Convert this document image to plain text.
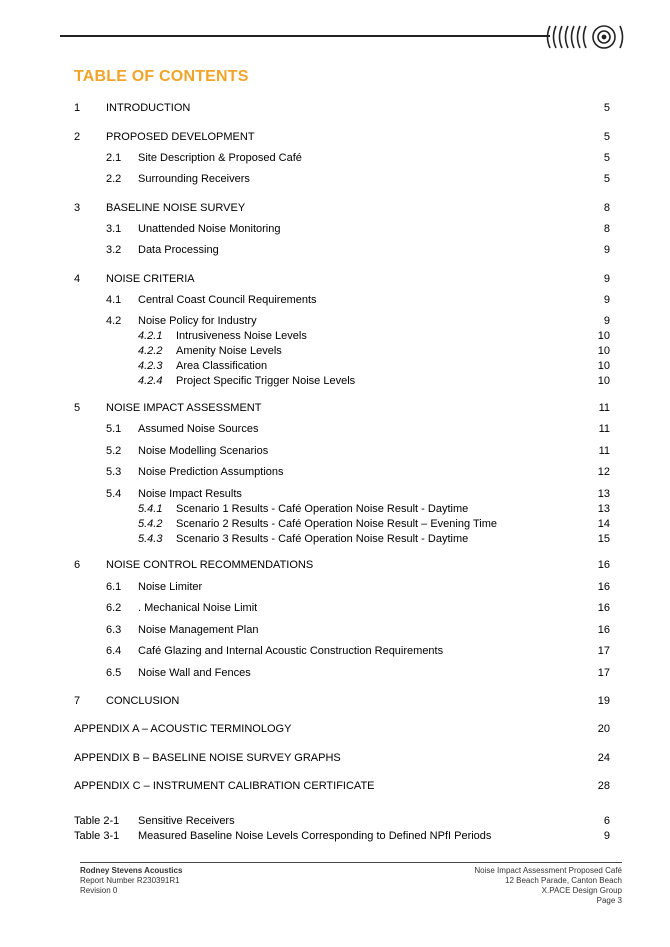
TABLE OF CONTENTS
1 INTRODUCTION	5
2 PROPOSED DEVELOPMENT	5
2.1 Site Description & Proposed Café	5
2.2 Surrounding Receivers	5
3 BASELINE NOISE SURVEY	8
3.1 Unattended Noise Monitoring	8
3.2 Data Processing	9
4 NOISE CRITERIA	9
4.1 Central Coast Council Requirements	9
4.2 Noise Policy for Industry	9
4.2.1 Intrusiveness Noise Levels	10
4.2.2 Amenity Noise Levels	10
4.2.3 Area Classification	10
4.2.4 Project Specific Trigger Noise Levels	10
5 NOISE IMPACT ASSESSMENT	11
5.1 Assumed Noise Sources	11
5.2 Noise Modelling Scenarios	11
5.3 Noise Prediction Assumptions	12
5.4 Noise Impact Results	13
5.4.1 Scenario 1 Results - Café Operation Noise Result - Daytime	13
5.4.2 Scenario 2 Results - Café Operation Noise Result – Evening Time	14
5.4.3 Scenario 3 Results - Café Operation Noise Result - Daytime	15
6 NOISE CONTROL RECOMMENDATIONS	16
6.1 Noise Limiter	16
6.2 . Mechanical Noise Limit	16
6.3 Noise Management Plan	16
6.4 Café Glazing and Internal Acoustic Construction Requirements	17
6.5 Noise Wall and Fences	17
7 CONCLUSION	19
APPENDIX A – ACOUSTIC TERMINOLOGY	20
APPENDIX B – BASELINE NOISE SURVEY GRAPHS	24
APPENDIX C – INSTRUMENT CALIBRATION CERTIFICATE	28
Table 2-1 Sensitive Receivers	6
Table 3-1 Measured Baseline Noise Levels Corresponding to Defined NPfI Periods	9
Rodney Stevens Acoustics
Report Number R230391R1
Revision 0
Noise Impact Assessment Proposed Café
12 Beach Parade, Canton Beach
X.PACE Design Group
Page 3
